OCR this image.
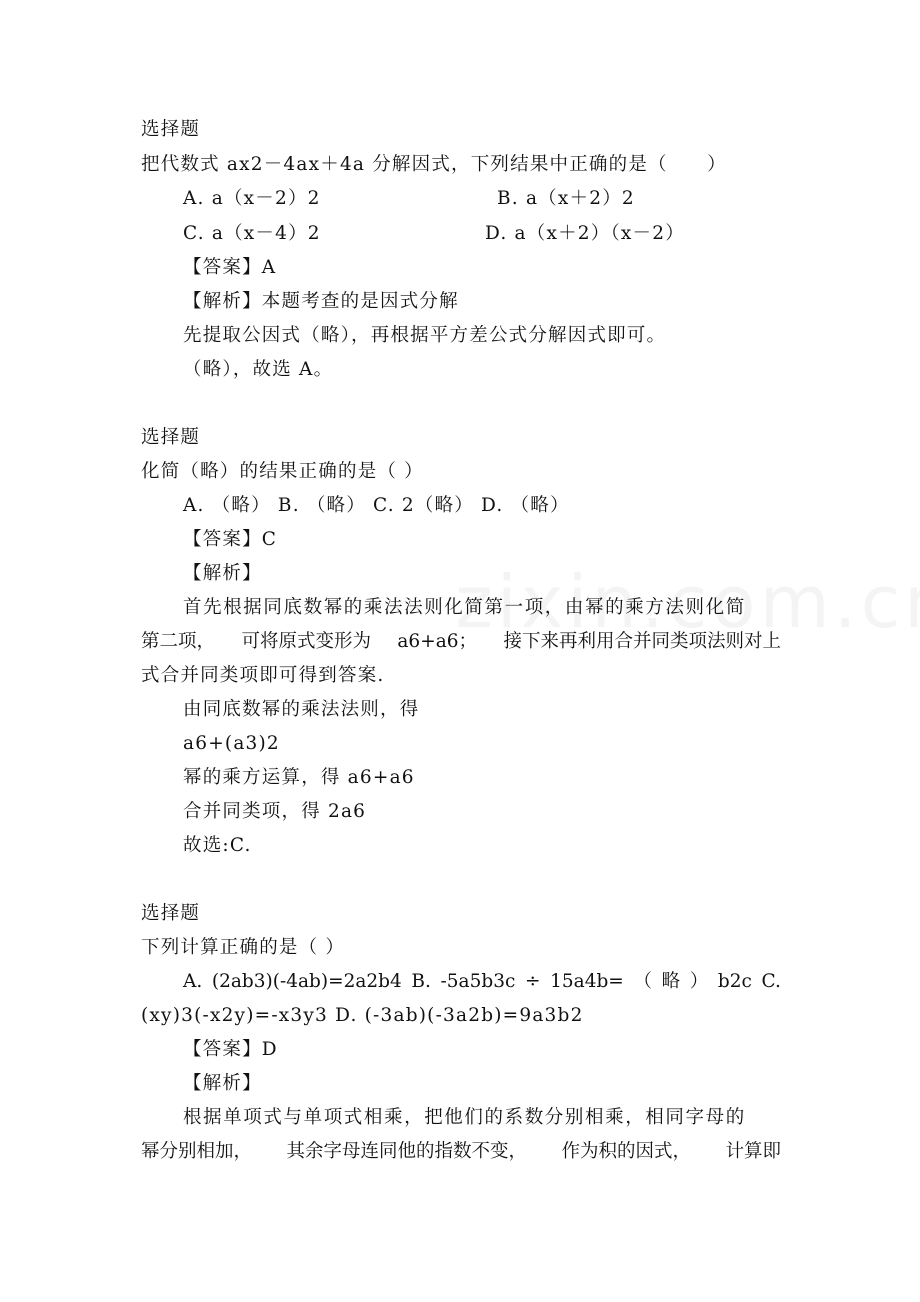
选择题
把代数式 ax2－4ax＋4a 分解因式，下列结果中正确的是（　　）
A. a（x－2）2	B. a（x＋2）2
C. a（x－4）2	D. a（x＋2）（x－2）
【答案】A
【解析】本题考查的是因式分解
先提取公因式（略），再根据平方差公式分解因式即可。
（略），故选 A。
选择题
化简（略）的结果正确的是（ ）
A. （略） B. （略） C. 2（略） D. （略）
【答案】C
【解析】
首先根据同底数幂的乘法法则化简第一项，由幂的乘方法则化简
第二项， 可将原式变形为 a6+a6； 接下来再利用合并同类项法则对上
式合并同类项即可得到答案.
由同底数幂的乘法法则，得
a6+(a3)2
幂的乘方运算，得 a6+a6
合并同类项，得 2a6
故选:C.
选择题
下列计算正确的是（ ）
A. (2ab3)(-4ab)=2a2b4 B. -5a5b3c ÷ 15a4b= （ 略 ） b2c C.
(xy)3(-x2y)=-x3y3 D. (-3ab)(-3a2b)=9a3b2
【答案】D
【解析】
根据单项式与单项式相乘，把他们的系数分别相乘，相同字母的
幂分别相加， 其余字母连同他的指数不变， 作为积的因式， 计算即
